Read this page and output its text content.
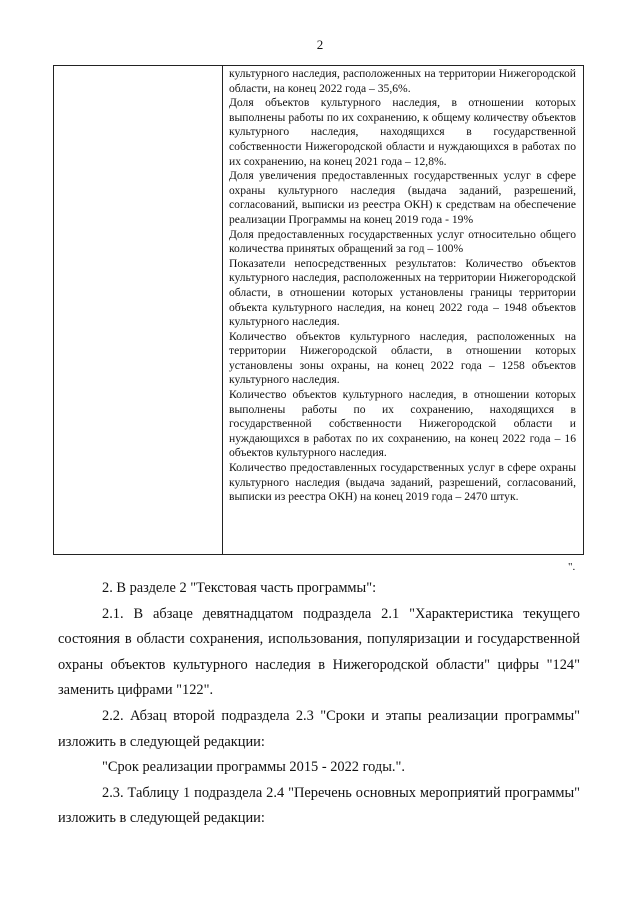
2

культурного наследия, расположенных на территории Нижегородской области, на конец 2022 года – 35,6%.

Доля объектов культурного наследия, в отношении которых выполнены работы по их сохранению, к общему количеству объектов культурного наследия, находящихся в государственной собственности Нижегородской области и нуждающихся в работах по их сохранению, на конец 2021 года – 12,8%.

Доля увеличения предоставленных государственных услуг в сфере охраны культурного наследия (выдача заданий, разрешений, согласований, выписки из реестра ОКН) к средствам на обеспечение реализации Программы на конец 2019 года - 19%

Доля предоставленных государственных услуг относительно общего количества принятых обращений за год – 100%

Показатели непосредственных результатов: Количество объектов культурного наследия, расположенных на территории Нижегородской области, в отношении которых установлены границы территории объекта культурного наследия, на конец 2022 года – 1948 объектов культурного наследия.

Количество объектов культурного наследия, расположенных на территории Нижегородской области, в отношении которых установлены зоны охраны, на конец 2022 года – 1258 объектов культурного наследия.

Количество объектов культурного наследия, в отношении которых выполнены работы по их сохранению, находящихся в государственной собственности Нижегородской области и нуждающихся в работах по их сохранению, на конец 2022 года – 16 объектов культурного наследия.

Количество предоставленных государственных услуг в сфере охраны культурного наследия (выдача заданий, разрешений, согласований, выписки из реестра ОКН) на конец 2019 года – 2470 штук.

".

2. В разделе 2 "Текстовая часть программы":

2.1. В абзаце девятнадцатом подраздела 2.1 "Характеристика текущего состояния в области сохранения, использования, популяризации и государственной охраны объектов культурного наследия в Нижегородской области" цифры "124" заменить цифрами "122".

2.2. Абзац второй подраздела 2.3 "Сроки и этапы реализации программы" изложить в следующей редакции:

"Срок реализации программы 2015 - 2022 годы.".

2.3. Таблицу 1 подраздела 2.4 "Перечень основных мероприятий программы" изложить в следующей редакции:
